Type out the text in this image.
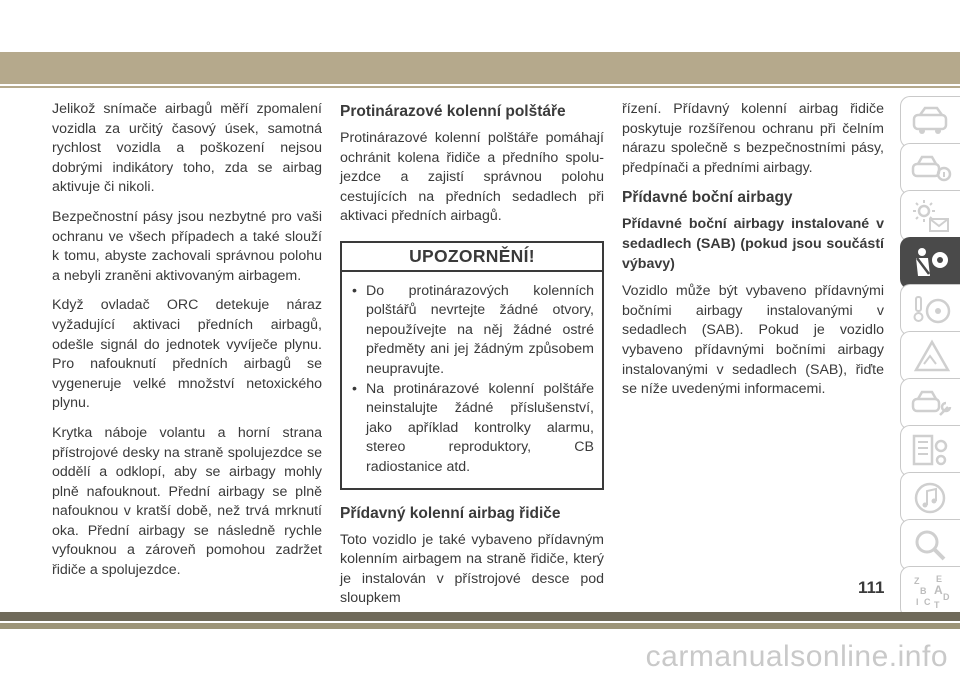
Jelikož snímače airbagů měří zpomalení vozidla za určitý časový úsek, samotná rychlost vozidla a poškození nejsou dobrými indikátory toho, zda se airbag aktivuje či nikoli.

Bezpečnostní pásy jsou nezbytné pro vaši ochranu ve všech případech a také slouží k tomu, abyste zachovali správnou polohu a nebyli zraněni aktivovaným airbagem.

Když ovladač ORC detekuje náraz vyžadující aktivaci předních airbagů, odešle signál do jednotek vyvíječe plynu. Pro nafouknutí předních airbagů se vygeneruje velké množství netoxického plynu.

Krytka náboje volantu a horní strana přístrojové desky na straně spolujezdce se oddělí a odklopí, aby se airbagy mohly plně nafouknout. Přední airbagy se plně nafouknou v kratší době, než trvá mrknutí oka. Přední airbagy se následně rychle vyfouknou a zároveň pomohou zadržet řidiče a spolujezdce.

Protinárazové kolenní polštáře

Protinárazové kolenní polštáře pomáhají ochránit kolena řidiče a předního spolujezdce a zajistí správnou polohu cestujících na předních sedadlech při aktivaci předních airbagů.

UPOZORNĚNÍ!
• Do protinárazových kolenních polštářů nevrtejte žádné otvory, nepoužívejte na něj žádné ostré předměty ani jej žádným způsobem neupravujte.
• Na protinárazové kolenní polštáře neinstalujte žádné příslušenství, jako apříklad kontrolky alarmu, stereo reproduktory, CB radiostanice atd.
Přídavný kolenní airbag řidiče

Toto vozidlo je také vybaveno přídavným kolenním airbagem na straně řidiče, který je instalován v přístrojové desce pod sloupkem

řízení. Přídavný kolenní airbag řidiče poskytuje rozšířenou ochranu při čelním nárazu společně s bezpečnostními pásy, předpínači a předními airbagy.

Přídavné boční airbagy
Přídavné boční airbagy instalované v sedadlech (SAB) (pokud jsou součástí výbavy)

Vozidlo může být vybaveno přídavnými bočními airbagy instalovanými v sedadlech (SAB). Pokud je vozidlo vybaveno přídavnými bočními airbagy instalovanými v sedadlech (SAB), řiďte se níže uvedenými informacemi.

Z E
B A
I C D
T
111
carmanualsonline.info
